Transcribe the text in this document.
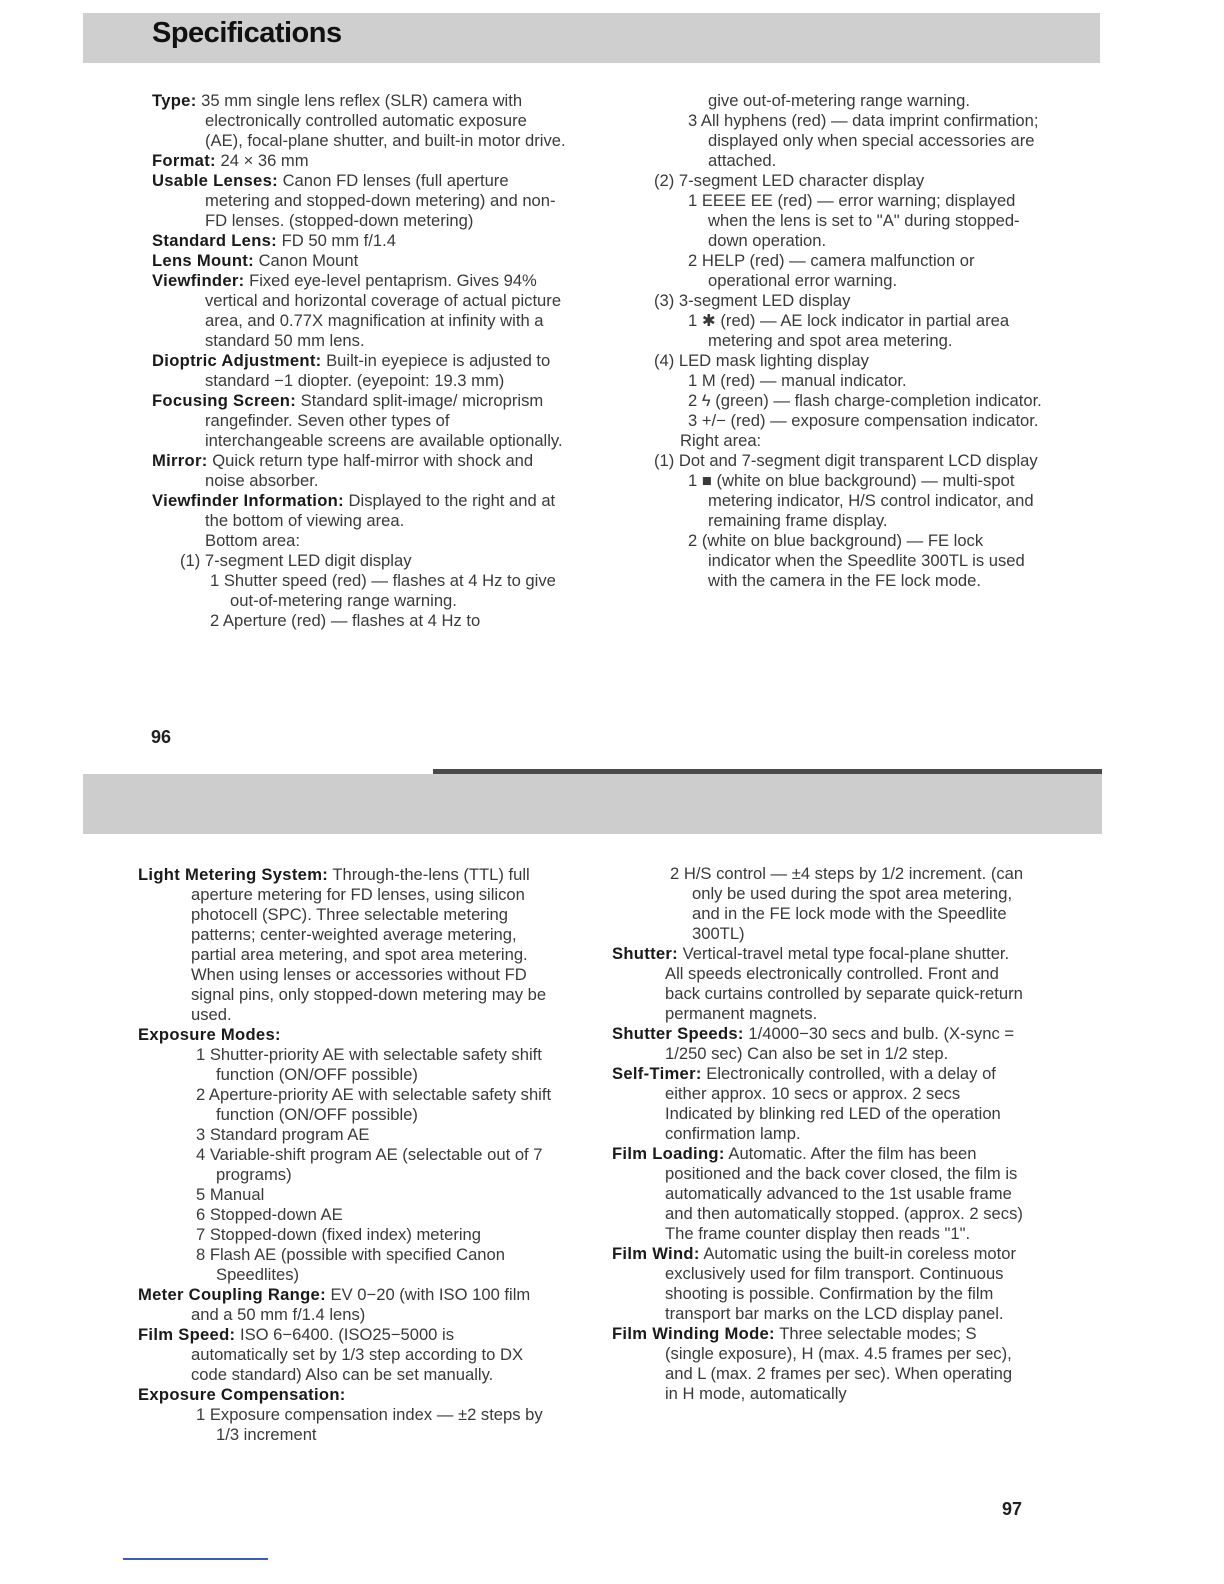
Specifications

Type: 35 mm single lens reflex (SLR) camera with electronically controlled automatic exposure (AE), focal-plane shutter, and built-in motor drive.

Format: 24 × 36 mm

Usable Lenses: Canon FD lenses (full aperture metering and stopped-down metering) and non-FD lenses. (stopped-down metering)

Standard Lens: FD 50 mm f/1.4

Lens Mount: Canon Mount

Viewfinder: Fixed eye-level pentaprism. Gives 94% vertical and horizontal coverage of actual picture area, and 0.77X magnification at infinity with a standard 50 mm lens.

Dioptric Adjustment: Built-in eyepiece is adjusted to standard −1 diopter. (eyepoint: 19.3 mm)

Focusing Screen: Standard split-image/ microprism rangefinder. Seven other types of interchangeable screens are available optionally.

Mirror: Quick return type half-mirror with shock and noise absorber.

Viewfinder Information: Displayed to the right and at the bottom of viewing area.

Bottom area:

(1) 7-segment LED digit display

1 Shutter speed (red) — flashes at 4 Hz to give out-of-metering range warning.

2 Aperture (red) — flashes at 4 Hz to

give out-of-metering range warning.

3 All hyphens (red) — data imprint confirmation; displayed only when special accessories are attached.

(2) 7-segment LED character display

1 EEEE EE (red) — error warning; displayed when the lens is set to "A" during stopped-down operation.

2 HELP (red) — camera malfunction or operational error warning.

(3) 3-segment LED display

1 ✱ (red) — AE lock indicator in partial area metering and spot area metering.

(4) LED mask lighting display

1 M (red) — manual indicator.

2 ϟ (green) — flash charge-completion indicator.

3 +/− (red) — exposure compensation indicator.

Right area:

(1) Dot and 7-segment digit transparent LCD display

1 ■ (white on blue background) — multi-spot metering indicator, H/S control indicator, and remaining frame display.

2 (white on blue background) — FE lock indicator when the Speedlite 300TL is used with the camera in the FE lock mode.

96

Light Metering System: Through-the-lens (TTL) full aperture metering for FD lenses, using silicon photocell (SPC). Three selectable metering patterns; center-weighted average metering, partial area metering, and spot area metering. When using lenses or accessories without FD signal pins, only stopped-down metering may be used.

Exposure Modes:

1 Shutter-priority AE with selectable safety shift function (ON/OFF possible)

2 Aperture-priority AE with selectable safety shift function (ON/OFF possible)

3 Standard program AE

4 Variable-shift program AE (selectable out of 7 programs)

5 Manual

6 Stopped-down AE

7 Stopped-down (fixed index) metering

8 Flash AE (possible with specified Canon Speedlites)

Meter Coupling Range: EV 0−20 (with ISO 100 film and a 50 mm f/1.4 lens)

Film Speed: ISO 6−6400. (ISO25−5000 is automatically set by 1/3 step according to DX code standard) Also can be set manually.

Exposure Compensation:

1 Exposure compensation index — ±2 steps by 1/3 increment

2 H/S control — ±4 steps by 1/2 increment. (can only be used during the spot area metering, and in the FE lock mode with the Speedlite 300TL)

Shutter: Vertical-travel metal type focal-plane shutter. All speeds electronically controlled. Front and back curtains controlled by separate quick-return permanent magnets.

Shutter Speeds: 1/4000−30 secs and bulb. (X-sync = 1/250 sec) Can also be set in 1/2 step.

Self-Timer: Electronically controlled, with a delay of either approx. 10 secs or approx. 2 secs Indicated by blinking red LED of the operation confirmation lamp.

Film Loading: Automatic. After the film has been positioned and the back cover closed, the film is automatically advanced to the 1st usable frame and then automatically stopped. (approx. 2 secs) The frame counter display then reads "1".

Film Wind: Automatic using the built-in coreless motor exclusively used for film transport. Continuous shooting is possible. Confirmation by the film transport bar marks on the LCD display panel.

Film Winding Mode: Three selectable modes; S (single exposure), H (max. 4.5 frames per sec), and L (max. 2 frames per sec). When operating in H mode, automatically

97
